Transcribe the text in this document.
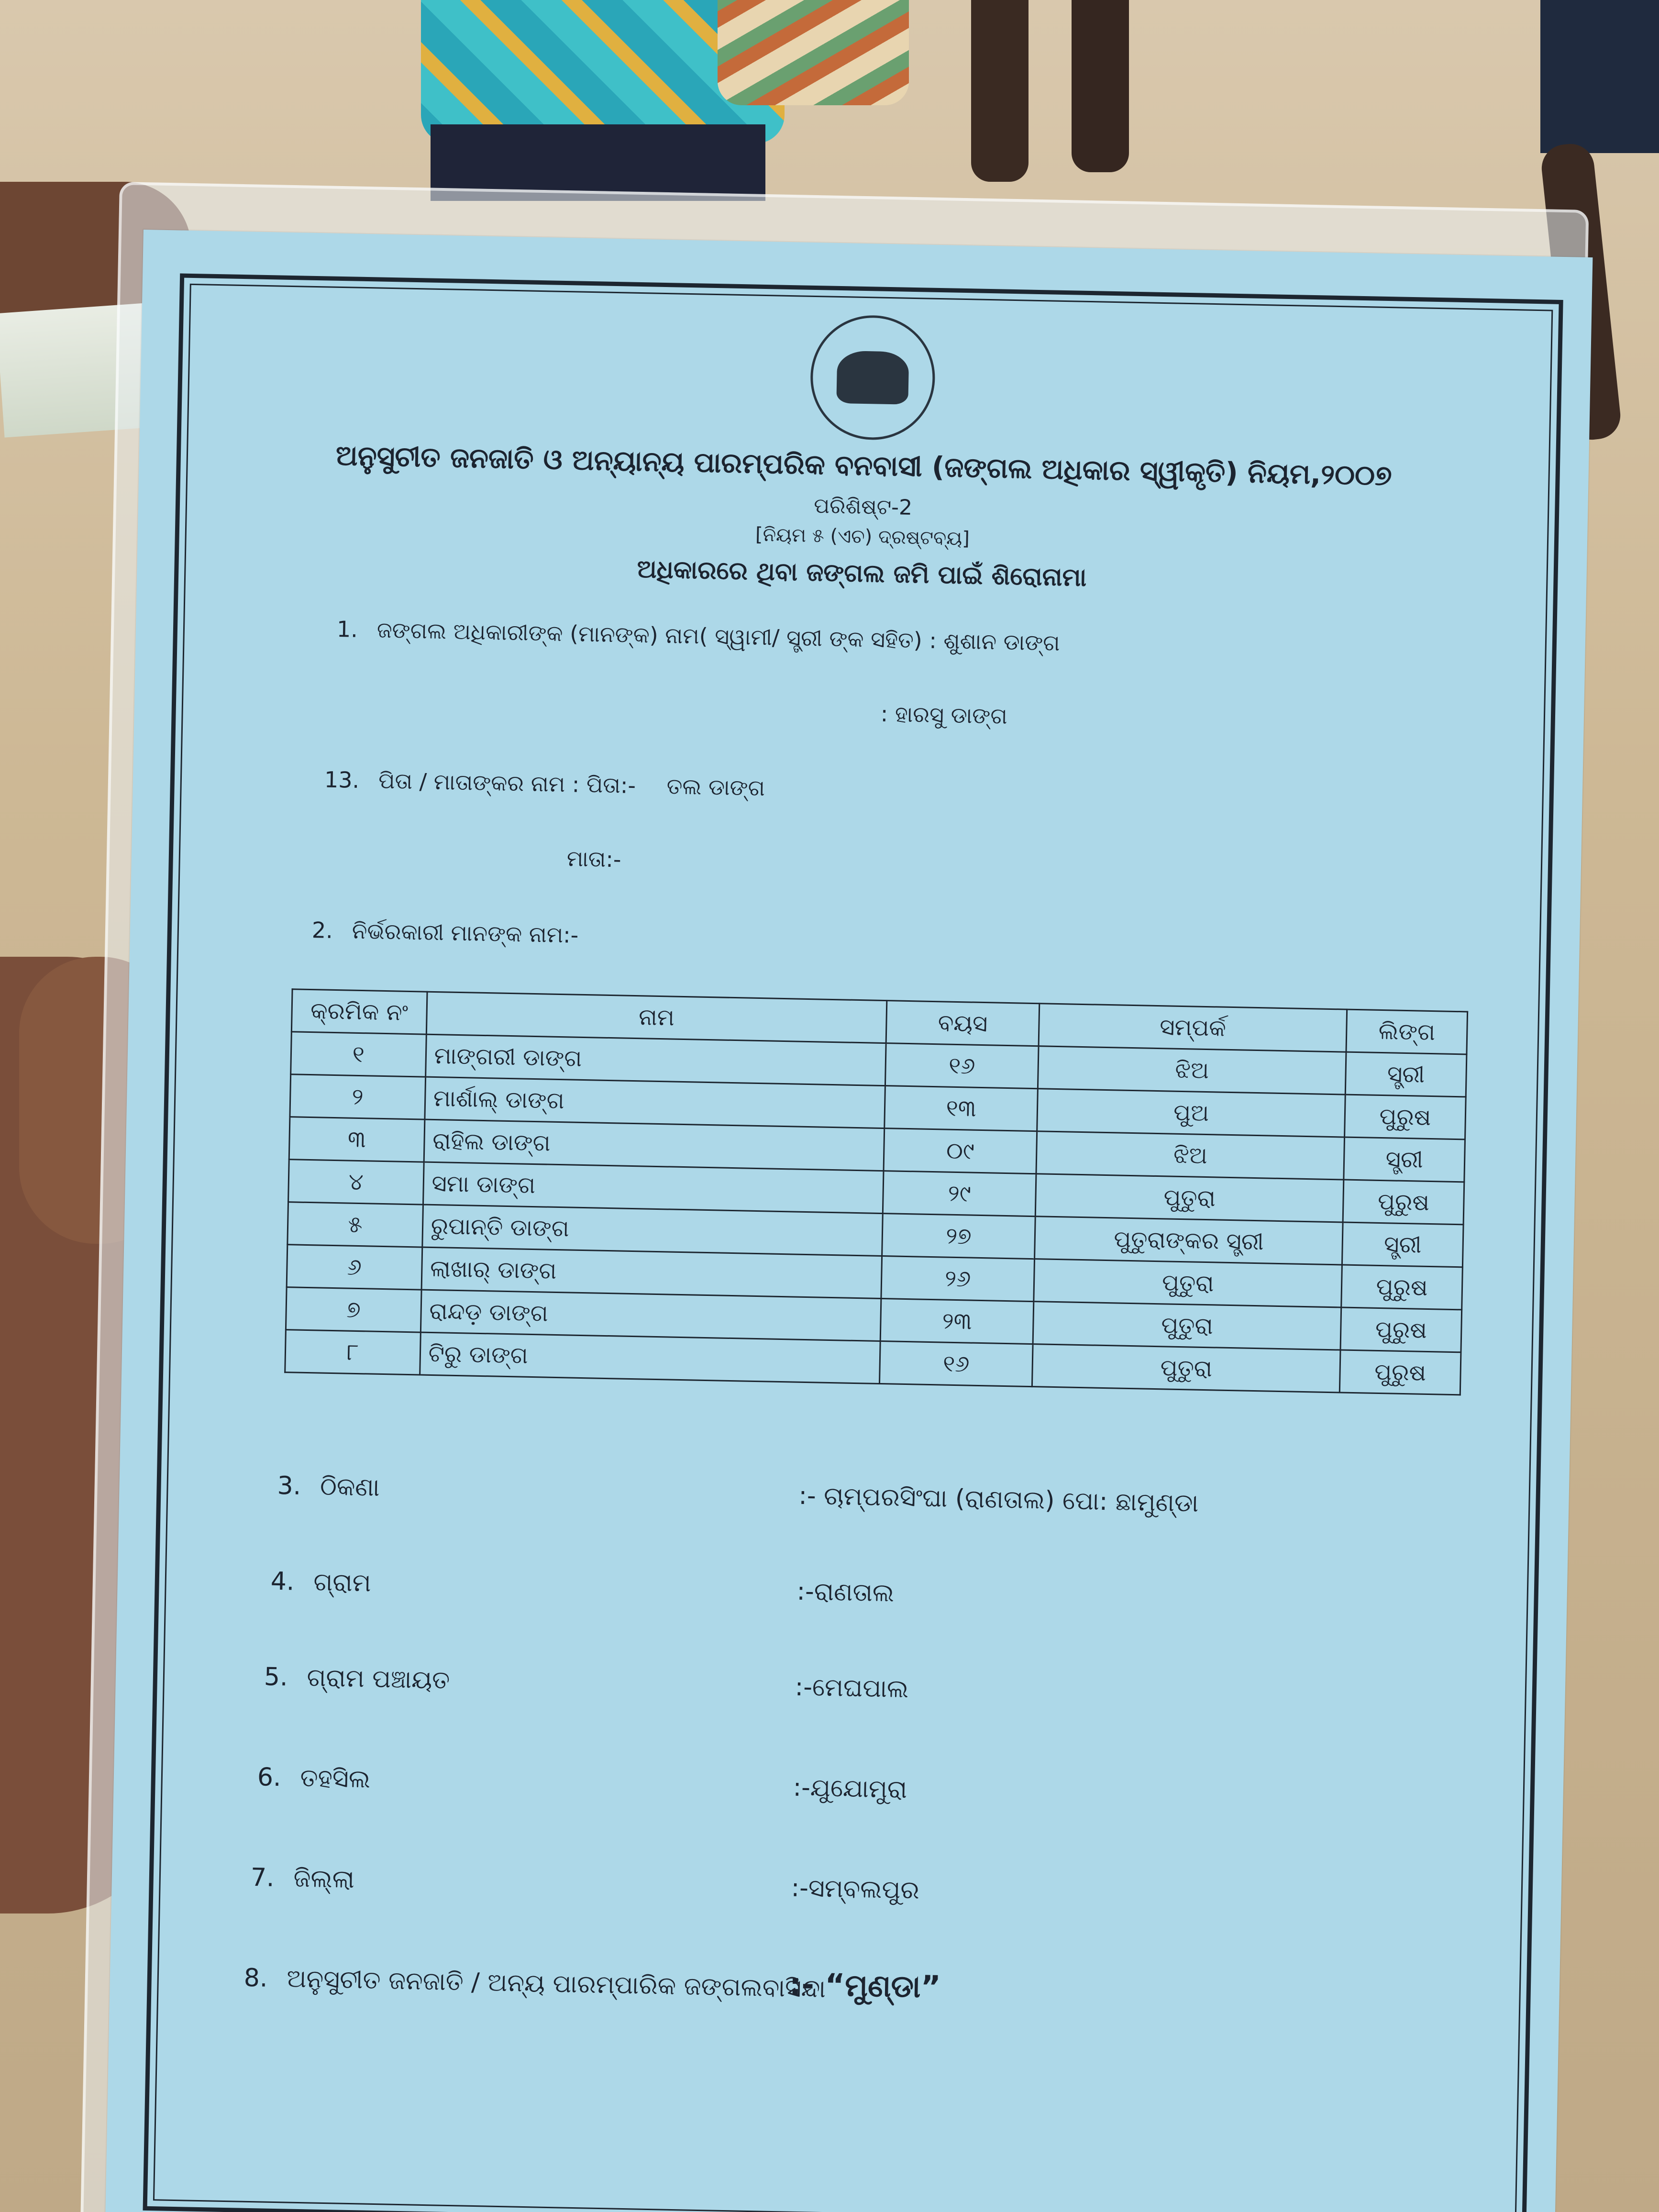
ଅନୁସୁଚୀତ ଜନଜାତି ଓ ଅନ୍ୟାନ୍ୟ ପାରମ୍ପରିକ ବନବାସୀ (ଜଙ୍ଗଲ ଅଧିକାର ସ୍ୱୀକୃତି) ନିୟମ,୨୦୦୭
ପରିଶିଷ୍ଟ-2
[ନିୟମ ୫ (ଏଚ) ଦ୍ରଷ୍ଟବ୍ୟ]
ଅଧିକାରରେ ଥିବା ଜଙ୍ଗଲ ଜମି ପାଇଁ ଶିରୋନାମା
1. ଜଙ୍ଗଲ ଅଧିକାରୀଙ୍କ (ମାନଙ୍କ) ନାମ( ସ୍ୱାମୀ/ ସ୍ତ୍ରୀ ଙ୍କ ସହିତ) : ଶୁଶାନ ଡାଙ୍ଗ
: ହାରସୁ ଡାଙ୍ଗ
13. ପିତା / ମାତାଙ୍କର ନାମ : ପିତା:- ତଲ ଡାଙ୍ଗ
ମାତା:-
2. ନିର୍ଭରକାରୀ ମାନଙ୍କ ନାମ:-
କ୍ରମିକ ନଂ	ନାମ	ବୟସ	ସମ୍ପର୍କ	ଲିଙ୍ଗ
୧	ମାଙ୍ଗରୀ ଡାଙ୍ଗ	୧୬	ଝିଅ	ସ୍ତ୍ରୀ
୨	ମାର୍ଶାଲ୍ ଡାଙ୍ଗ	୧୩	ପୁଅ	ପୁରୁଷ
୩	ରାହିଲ ଡାଙ୍ଗ	୦୯	ଝିଅ	ସ୍ତ୍ରୀ
୪	ସମା ଡାଙ୍ଗ	୨୯	ପୁତୁରା	ପୁରୁଷ
୫	ରୁପାନ୍ତି ଡାଙ୍ଗ	୨୭	ପୁତୁରାଙ୍କର ସ୍ତ୍ରୀ	ସ୍ତ୍ରୀ
୬	ଲାଖାର୍ ଡାଙ୍ଗ	୨୬	ପୁତୁରା	ପୁରୁଷ
୭	ରାନ୍ଦଡ଼ ଡାଙ୍ଗ	୨୩	ପୁତୁରା	ପୁରୁଷ
୮	ଟିରୁ ଡାଙ୍ଗ	୧୬	ପୁତୁରା	ପୁରୁଷ
3. ଠିକଣା	:- ଚାମ୍ପରସିଂଘା (ରାଣତାଲ) ପୋ: ଛାମୁଣ୍ଡା
4. ଗ୍ରାମ	:-ରାଣତାଲ
5. ଗ୍ରାମ ପଞ୍ଚାୟତ	:-ମେଘପାଲ
6. ତହସିଲ	:-ଯୁଯୋମୁରା
7. ଜିଲ୍ଲା	:-ସମ୍ବଲପୁର
8. ଅନୁସୁଚୀତ ଜନଜାତି / ଅନ୍ୟ ପାରମ୍ପାରିକ ଜଙ୍ଗଲବାସିନ୍ଦା
:- “ମୁଣ୍ଡା”
